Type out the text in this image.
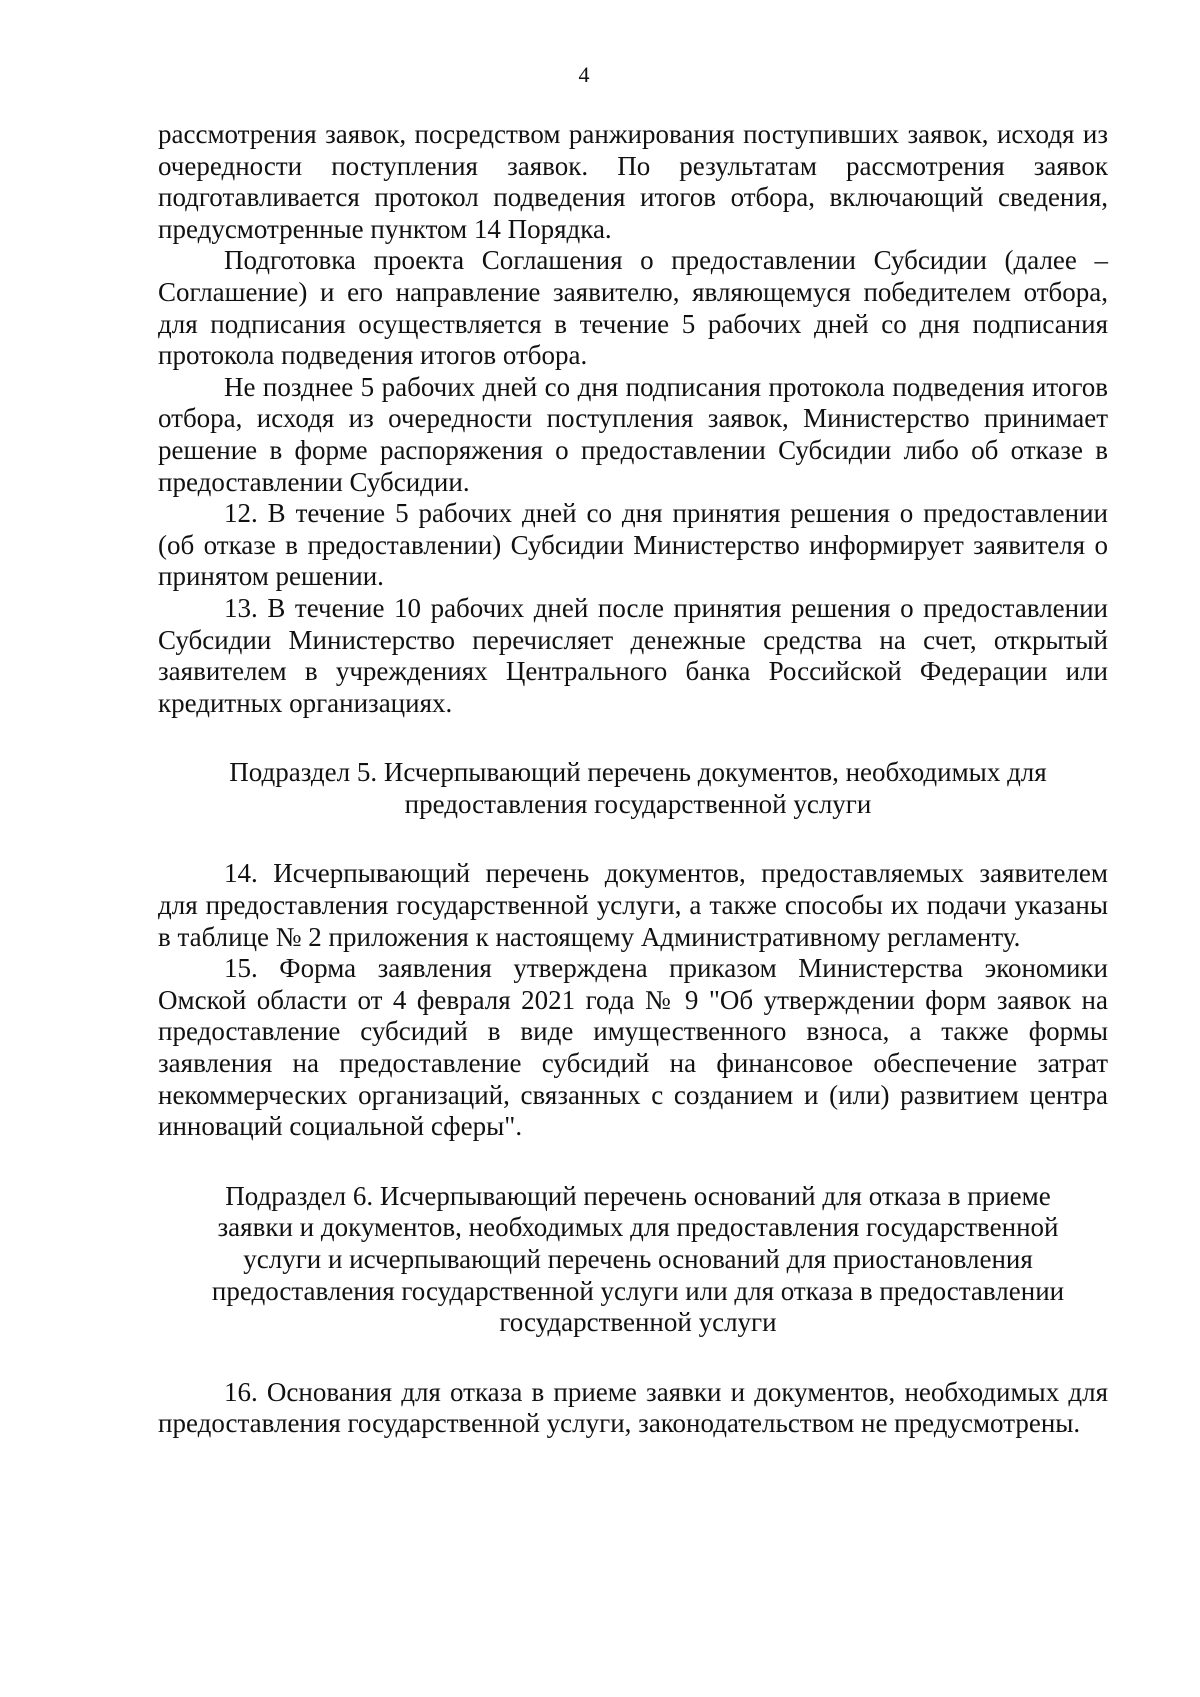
4

рассмотрения заявок, посредством ранжирования поступивших заявок, исходя из очередности поступления заявок. По результатам рассмотрения заявок подготавливается протокол подведения итогов отбора, включающий сведения, предусмотренные пунктом 14 Порядка.

Подготовка проекта Соглашения о предоставлении Субсидии (далее – Соглашение) и его направление заявителю, являющемуся победителем отбора, для подписания осуществляется в течение 5 рабочих дней со дня подписания протокола подведения итогов отбора.

Не позднее 5 рабочих дней со дня подписания протокола подведения итогов отбора, исходя из очередности поступления заявок, Министерство принимает решение в форме распоряжения о предоставлении Субсидии либо об отказе в предоставлении Субсидии.

12. В течение 5 рабочих дней со дня принятия решения о предоставлении (об отказе в предоставлении) Субсидии Министерство информирует заявителя о принятом решении.

13. В течение 10 рабочих дней после принятия решения о предоставлении Субсидии Министерство перечисляет денежные средства на счет, открытый заявителем в учреждениях Центрального банка Российской Федерации или кредитных организациях.

Подраздел 5. Исчерпывающий перечень документов, необходимых для
предоставления государственной услуги

14. Исчерпывающий перечень документов, предоставляемых заявителем для предоставления государственной услуги, а также способы их подачи указаны в таблице № 2 приложения к настоящему Административному регламенту.

15. Форма заявления утверждена приказом Министерства экономики Омской области от 4 февраля 2021 года № 9 "Об утверждении форм заявок на предоставление субсидий в виде имущественного взноса, а также формы заявления на предоставление субсидий на финансовое обеспечение затрат некоммерческих организаций, связанных с созданием и (или) развитием центра инноваций социальной сферы".

Подраздел 6. Исчерпывающий перечень оснований для отказа в приеме
заявки и документов, необходимых для предоставления государственной
услуги и исчерпывающий перечень оснований для приостановления
предоставления государственной услуги или для отказа в предоставлении
государственной услуги

16. Основания для отказа в приеме заявки и документов, необходимых для предоставления государственной услуги, законодательством не предусмотрены.
